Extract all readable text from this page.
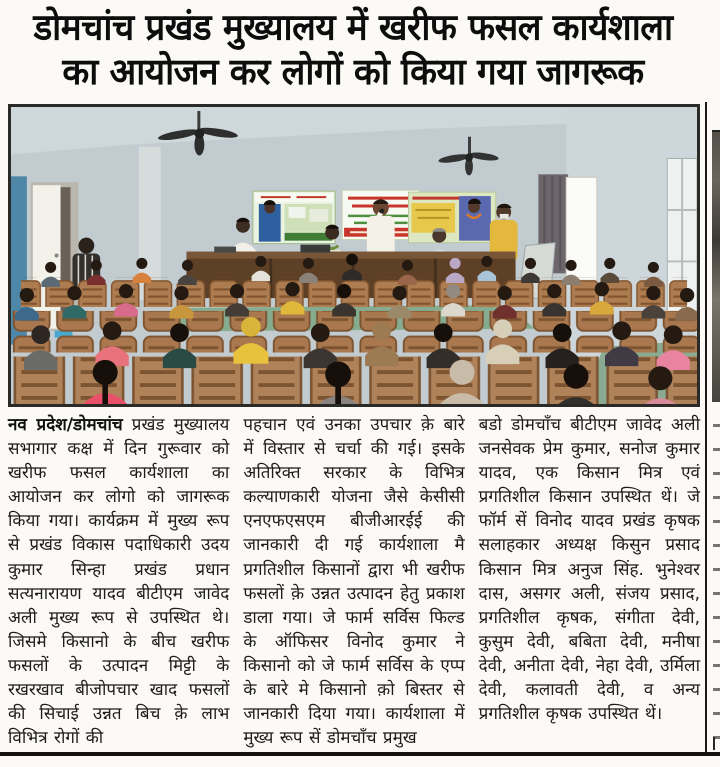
डोमचांच प्रखंड मुख्यालय में खरीफ फसल कार्यशाला
का आयोजन कर लोगों को किया गया जागरूक

नव प्रदेश/डोमचांच प्रखंड मुख्यालय सभागार कक्ष में दिन गुरूवार को खरीफ फसल कार्यशाला का आयोजन कर लोगो को जागरूक किया गया। कार्यक्रम में मुख्य रूप से प्रखंड विकास पदाधिकारी उदय कुमार सिन्हा प्रखंड प्रधान सत्यनारायण यादव बीटीएम जावेद अली मुख्य रूप से उपस्थित थे। जिसमे किसानो के बीच खरीफ फसलों के उत्पादन मिट्टी के रखरखाव बीजोपचार खाद फसलों की सिचाई उन्नत बिच क़े लाभ विभित्र रोगों की

पहचान एवं उनका उपचार क़े बारे में विस्तार से चर्चा की गई। इसके अतिरिक्त सरकार के विभित्र कल्याणकारी योजना जैसे केसीसी एनएफएसएम बीजीआरईई की जानकारी दी गई कार्यशाला मै प्रगतिशील किसानों द्वारा भी खरीफ फसलों क़े उन्नत उत्पादन हेतु प्रकाश डाला गया। जे फार्म सर्विस फिल्ड के ऑफिसर विनोद कुमार ने किसानो को जे फार्म सर्विस के एप्प के बारे मे किसानो क़ो बिस्तर से जानकारी दिया गया। कार्यशाला में मुख्य रूप सें डोमचाँच प्रमुख

बडो डोमचाँच बीटीएम जावेद अली जनसेवक प्रेम कुमार, सनोज कुमार यादव, एक किसान मित्र एवं प्रगतिशील किसान उपस्थित थें। जे फॉर्म सें विनोद यादव प्रखंड कृषक सलाहकार अध्यक्ष किसुन प्रसाद किसान मित्र अनुज सिंह. भुनेश्वर दास, असगर अली, संजय प्रसाद, प्रगतिशील कृषक, संगीता देवी, कुसुम देवी, बबिता देवी, मनीषा देवी, अनीता देवी, नेहा देवी, उर्मिला देवी, कलावती देवी, व अन्य प्रगतिशील कृषक उपस्थित थें।
